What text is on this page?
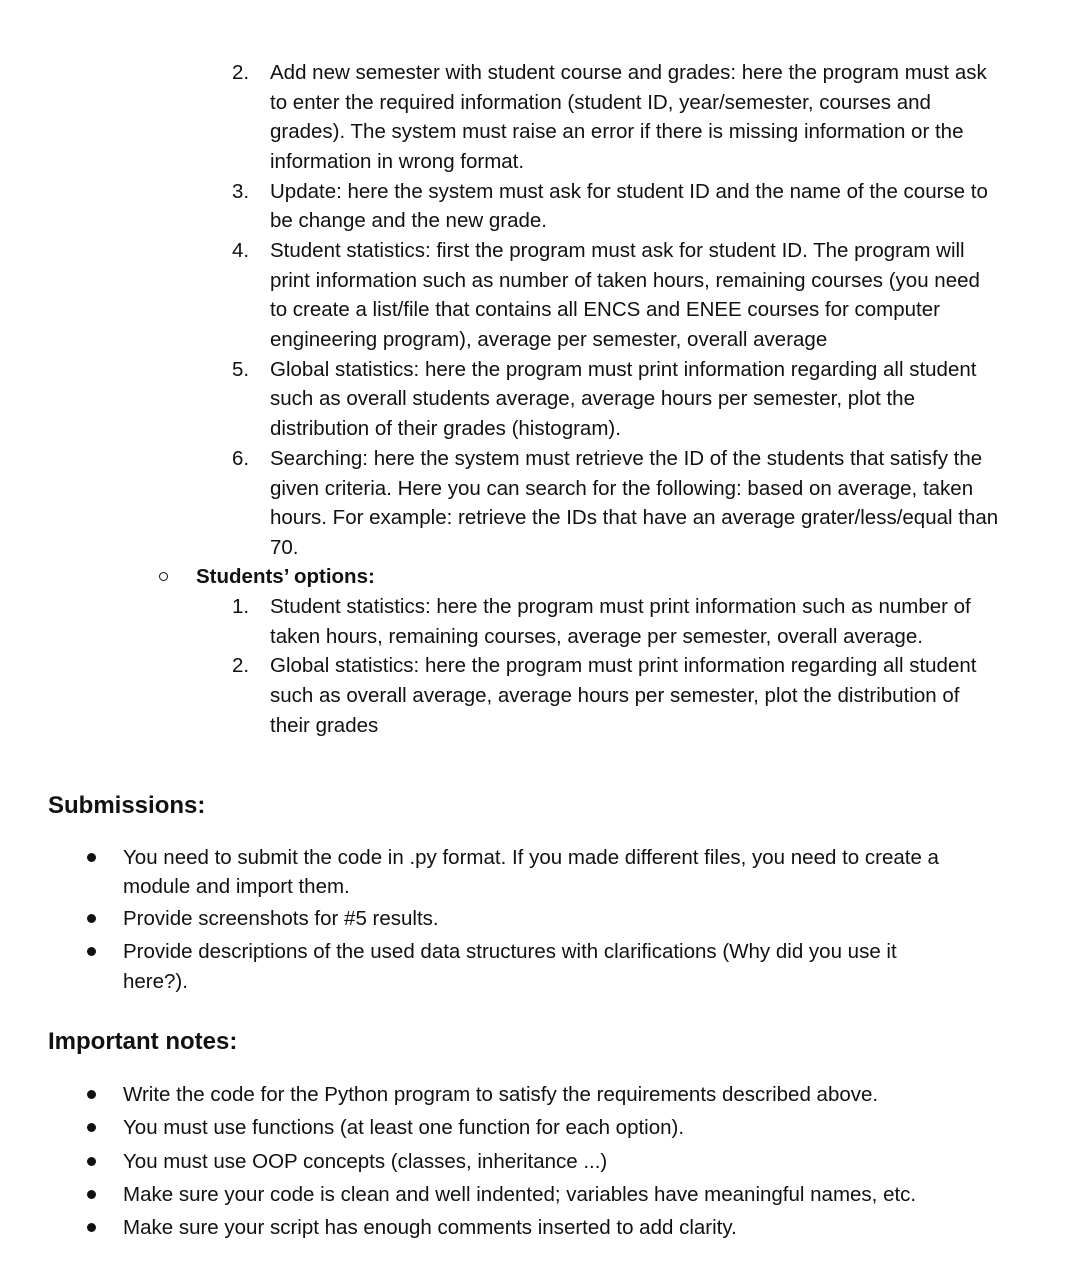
2.	Add new semester with student course and grades: here the program must ask
to enter the required information (student ID, year/semester, courses and
grades). The system must raise an error if there is missing information or the
information in wrong format.
3.	Update: here the system must ask for student ID and the name of the course to
be change and the new grade.
4.	Student statistics: first the program must ask for student ID. The program will
print information such as number of taken hours, remaining courses (you need
to create a list/file that contains all ENCS and ENEE courses for computer
engineering program), average per semester, overall average
5.	Global statistics: here the program must print information regarding all student
such as overall students average, average hours per semester, plot the
distribution of their grades (histogram).
6.	Searching: here the system must retrieve the ID of the students that satisfy the
given criteria. Here you can search for the following: based on average, taken
hours. For example: retrieve the IDs that have an average grater/less/equal than
70.
Students’ options:
1.	Student statistics: here the program must print information such as number of
taken hours, remaining courses, average per semester, overall average.
2.	Global statistics: here the program must print information regarding all student
such as overall average, average hours per semester, plot the distribution of
their grades
Submissions:
You need to submit the code in .py format. If you made different files, you need to create a
module and import them.
Provide screenshots for #5 results.
Provide descriptions of the used data structures with clarifications (Why did you use it
here?).
Important notes:
Write the code for the Python program to satisfy the requirements described above.
You must use functions (at least one function for each option).
You must use OOP concepts (classes, inheritance ...)
Make sure your code is clean and well indented; variables have meaningful names, etc.
Make sure your script has enough comments inserted to add clarity.
